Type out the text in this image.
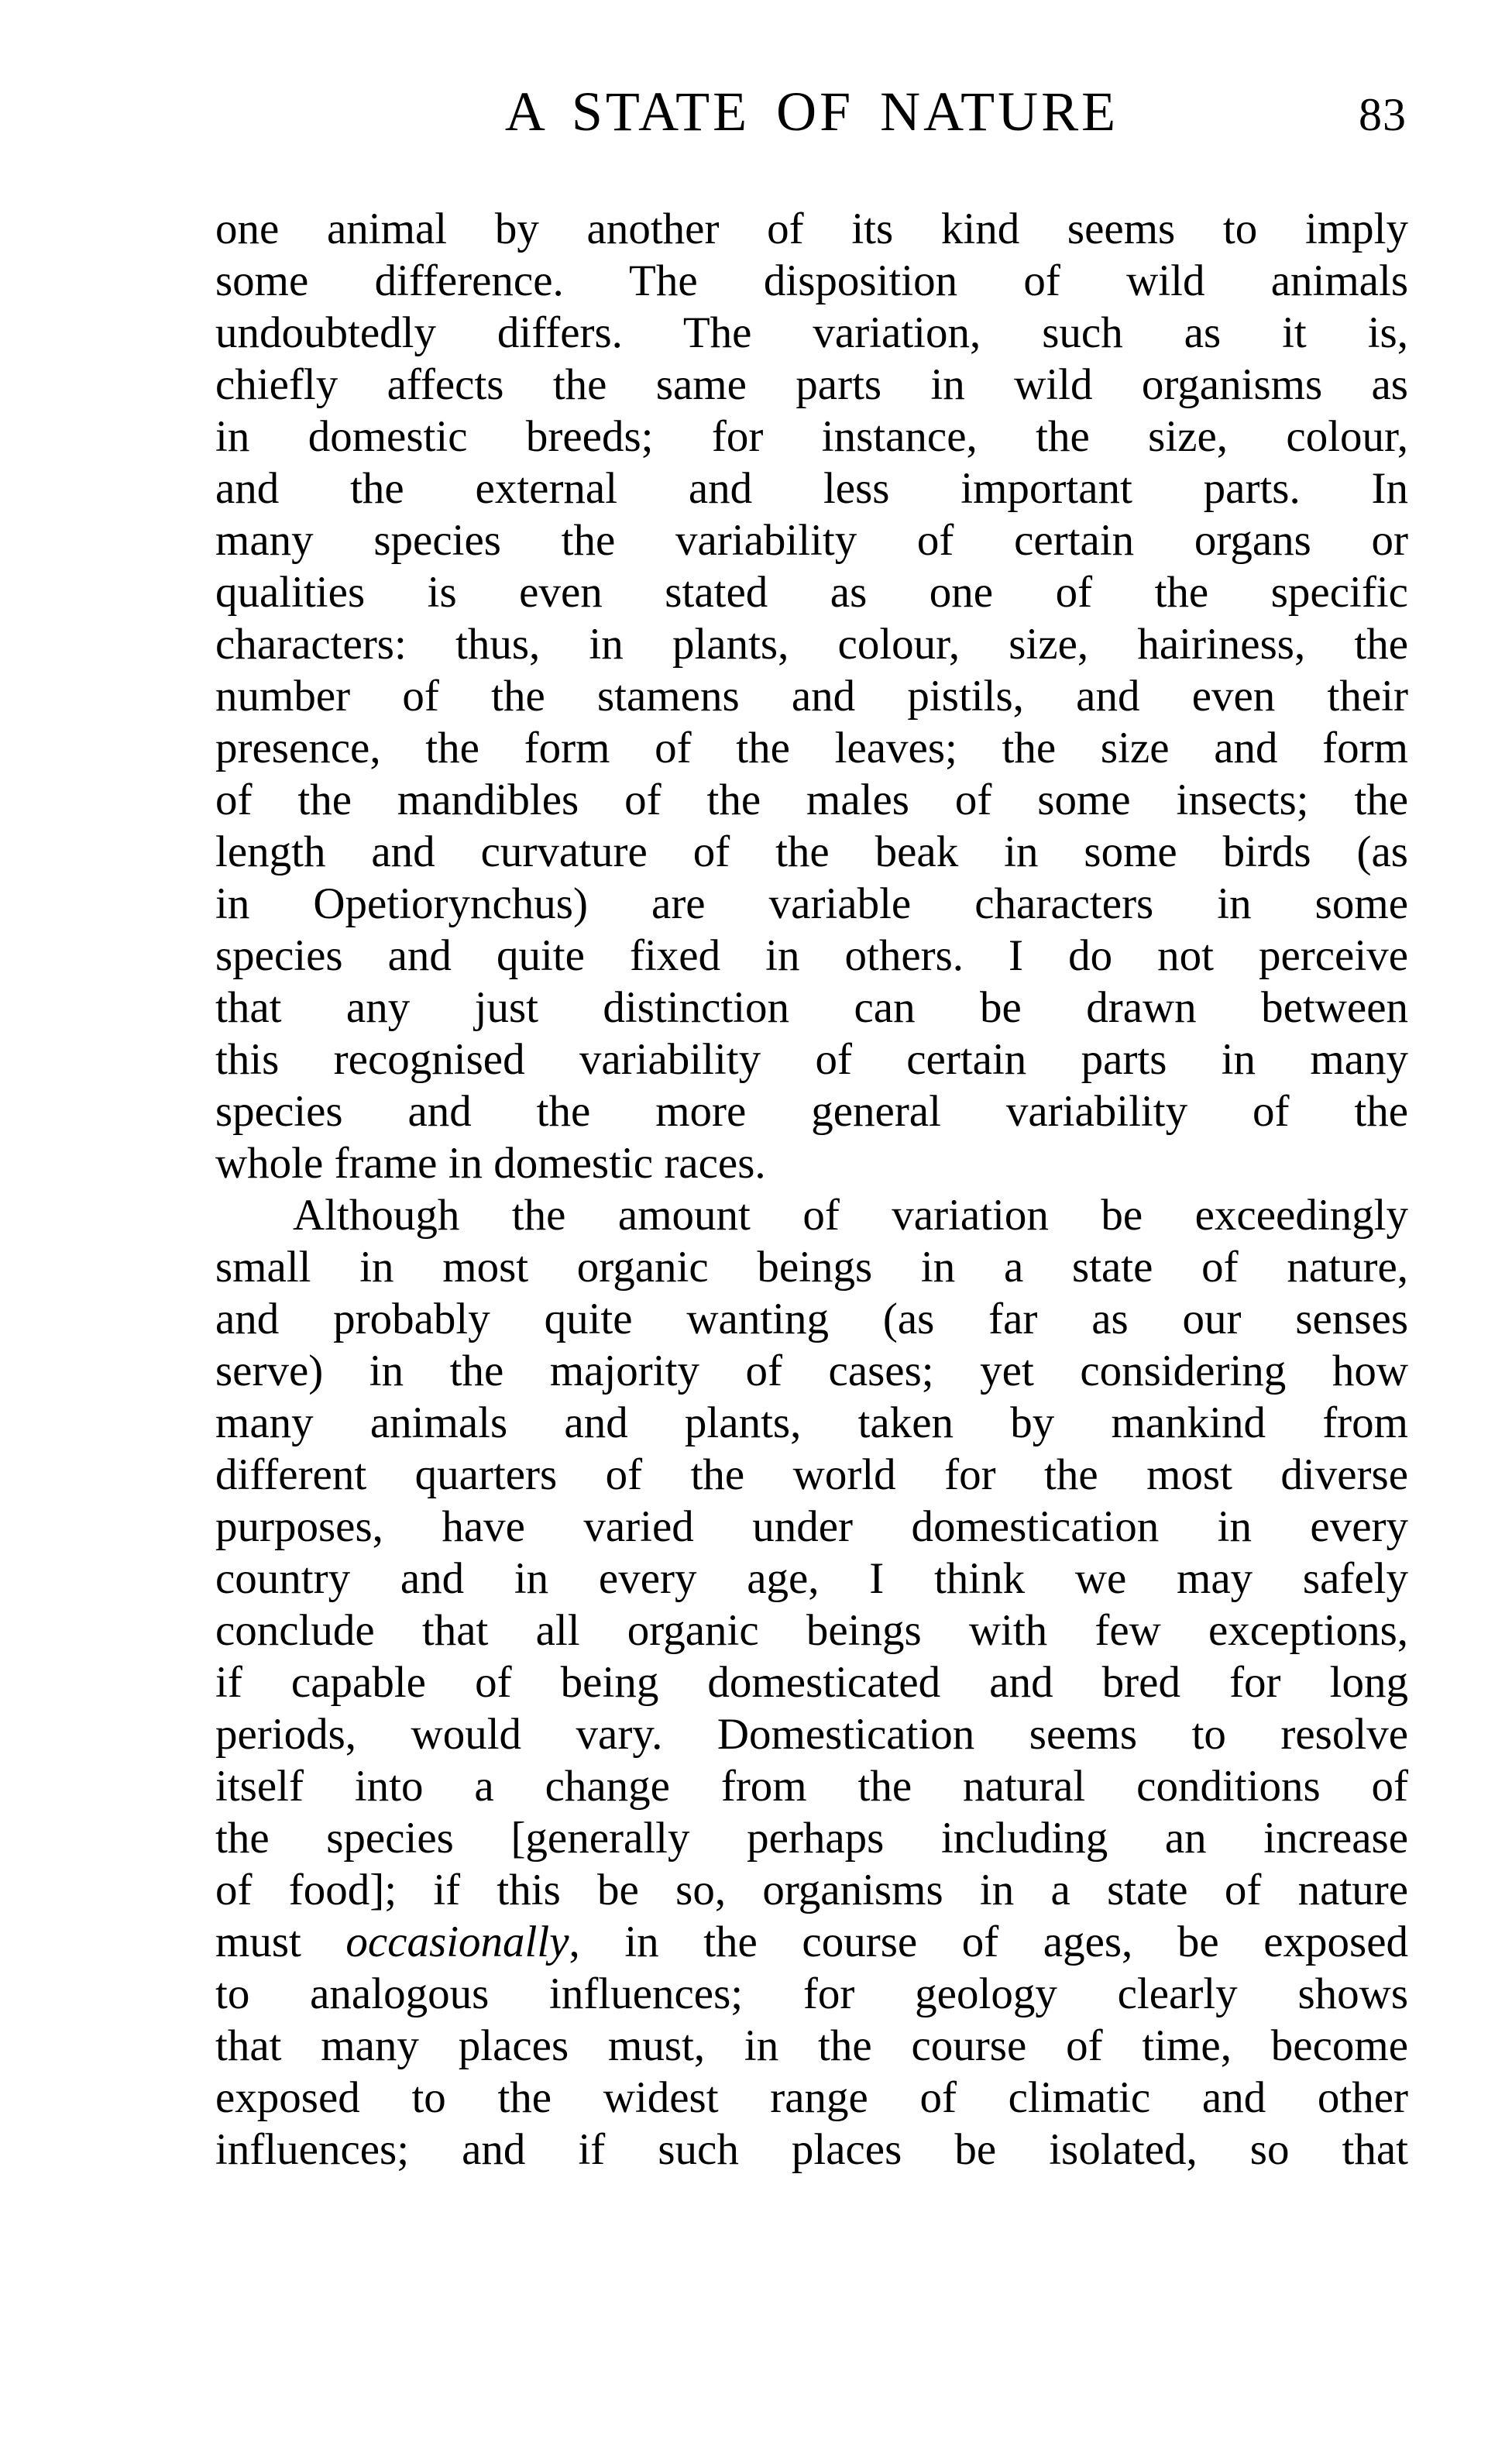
A STATE OF NATURE	83
one animal by another of its kind seems to imply
some difference. The disposition of wild animals
undoubtedly differs. The variation, such as it is,
chiefly affects the same parts in wild organisms as
in domestic breeds; for instance, the size, colour,
and the external and less important parts. In
many species the variability of certain organs or
qualities is even stated as one of the specific
characters: thus, in plants, colour, size, hairiness, the
number of the stamens and pistils, and even their
presence, the form of the leaves; the size and form
of the mandibles of the males of some insects; the
length and curvature of the beak in some birds (as
in Opetiorynchus) are variable characters in some
species and quite fixed in others. I do not perceive
that any just distinction can be drawn between
this recognised variability of certain parts in many
species and the more general variability of the
whole frame in domestic races.
Although the amount of variation be exceedingly
small in most organic beings in a state of nature,
and probably quite wanting (as far as our senses
serve) in the majority of cases; yet considering how
many animals and plants, taken by mankind from
different quarters of the world for the most diverse
purposes, have varied under domestication in every
country and in every age, I think we may safely
conclude that all organic beings with few exceptions,
if capable of being domesticated and bred for long
periods, would vary. Domestication seems to resolve
itself into a change from the natural conditions of
the species [generally perhaps including an increase
of food]; if this be so, organisms in a state of nature
must occasionally, in the course of ages, be exposed
to analogous influences; for geology clearly shows
that many places must, in the course of time, become
exposed to the widest range of climatic and other
influences; and if such places be isolated, so that
